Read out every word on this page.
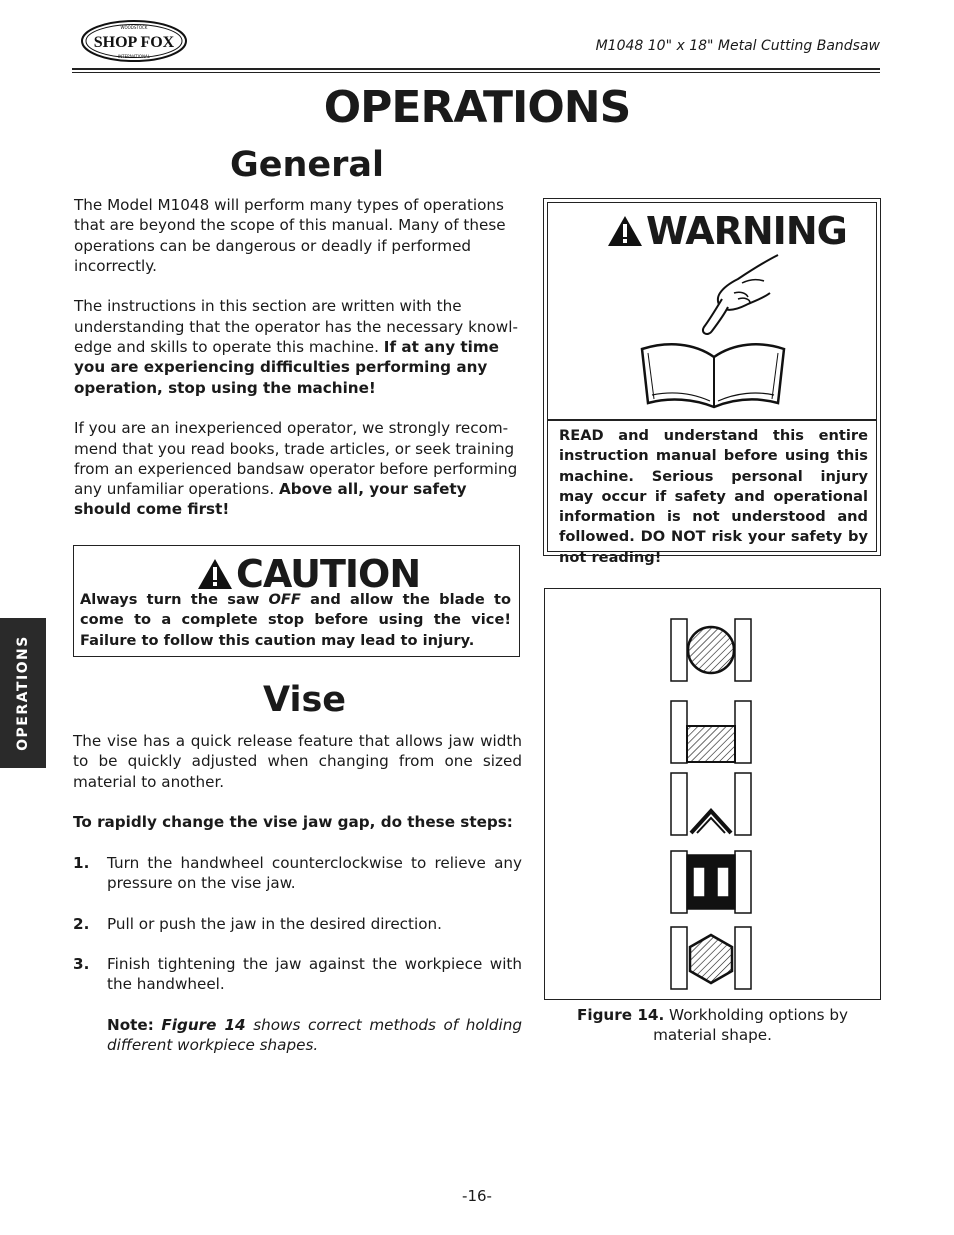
SHOP FOX
WOODSTOCK
INTERNATIONAL
M1048 10" x 18" Metal Cutting Bandsaw
OPERATIONS
General

The Model M1048 will perform many types of operations that are beyond the scope of this manual. Many of these operations can be dangerous or deadly if performed incorrectly.

The instructions in this section are written with the understanding that the operator has the necessary knowledge and skills to operate this machine. If at any time you are experiencing difficulties performing any operation, stop using the machine!

If you are an inexperienced operator, we strongly recommend that you read books, trade articles, or seek training from an experienced bandsaw operator before performing any unfamiliar operations. Above all, your safety should come first!

OPERATIONS
CAUTION
Always turn the saw OFF and allow the blade to come to a complete stop before using the vice! Failure to follow this caution may lead to injury.
Vise
The vise has a quick release feature that allows jaw width to be quickly adjusted when changing from one sized material to another.
To rapidly change the vise jaw gap, do these steps:
1. Turn the handwheel counterclockwise to relieve any pressure on the vise jaw.
2. Pull or push the jaw in the desired direction.
3. Finish tightening the jaw against the workpiece with the handwheel.
Note: Figure 14 shows correct methods of holding different workpiece shapes.
WARNING
READ and understand this entire instruction manual before using this machine. Serious personal injury may occur if safety and operational information is not understood and followed. DO NOT risk your safety by not reading!
Figure 14. Workholding options by material shape.
-16-
